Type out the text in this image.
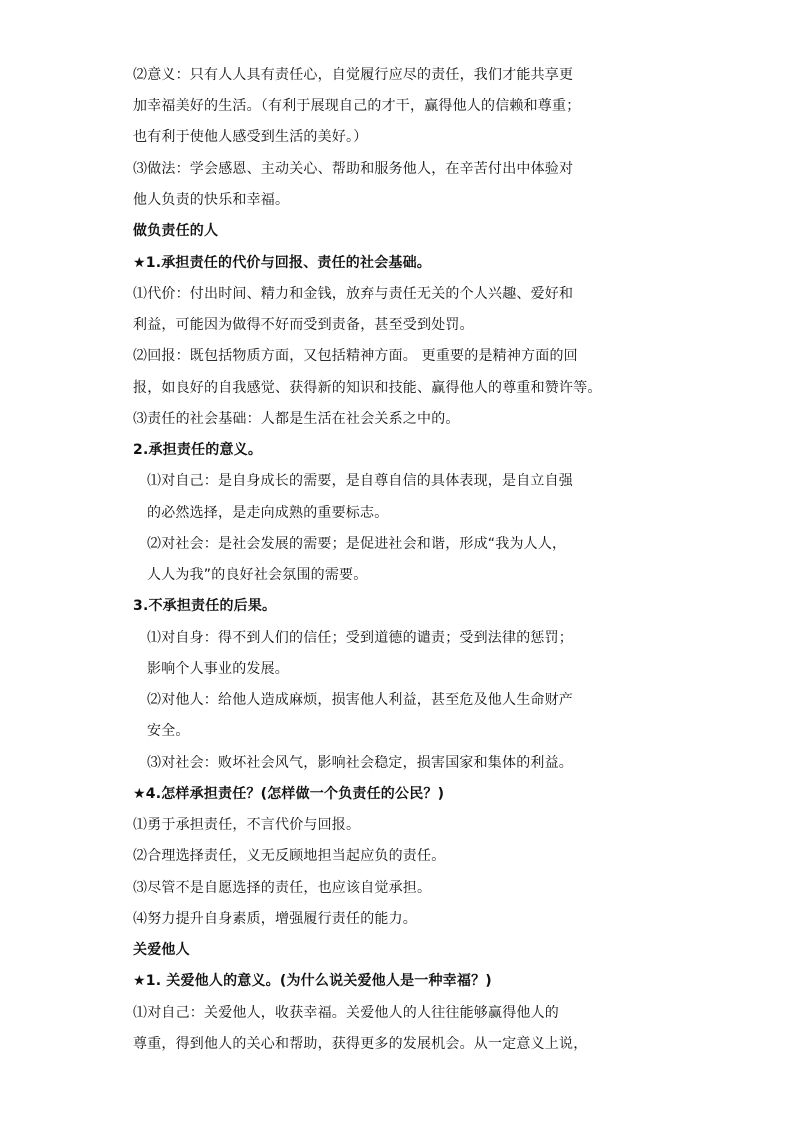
⑵意义：只有人人具有责任心，自觉履行应尽的责任，我们才能共享更
加幸福美好的生活。（有利于展现自己的才干，赢得他人的信赖和尊重；
也有利于使他人感受到生活的美好。）
⑶做法：学会感恩、主动关心、帮助和服务他人，在辛苦付出中体验对
他人负责的快乐和幸福。
做负责任的人
★1.承担责任的代价与回报、责任的社会基础。
⑴代价：付出时间、精力和金钱，放弃与责任无关的个人兴趣、爱好和
利益，可能因为做得不好而受到责备，甚至受到处罚。
⑵回报：既包括物质方面，又包括精神方面。 更重要的是精神方面的回
报，如良好的自我感觉、获得新的知识和技能、赢得他人的尊重和赞许等。
⑶责任的社会基础：人都是生活在社会关系之中的。
2.承担责任的意义。
⑴对自己：是自身成长的需要，是自尊自信的具体表现，是自立自强
的必然选择，是走向成熟的重要标志。
⑵对社会：是社会发展的需要；是促进社会和谐，形成“我为人人，
人人为我”的良好社会氛围的需要。
3.不承担责任的后果。
⑴对自身：得不到人们的信任；受到道德的谴责；受到法律的惩罚；
影响个人事业的发展。
⑵对他人：给他人造成麻烦，损害他人利益，甚至危及他人生命财产
安全。
⑶对社会：败坏社会风气，影响社会稳定，损害国家和集体的利益。
★4.怎样承担责任？(怎样做一个负责任的公民？)
⑴勇于承担责任，不言代价与回报。
⑵合理选择责任，义无反顾地担当起应负的责任。
⑶尽管不是自愿选择的责任，也应该自觉承担。
⑷努力提升自身素质，增强履行责任的能力。
关爱他人
★1. 关爱他人的意义。(为什么说关爱他人是一种幸福？)
⑴对自己：关爱他人，收获幸福。关爱他人的人往往能够赢得他人的
尊重，得到他人的关心和帮助，获得更多的发展机会。从一定意义上说，
